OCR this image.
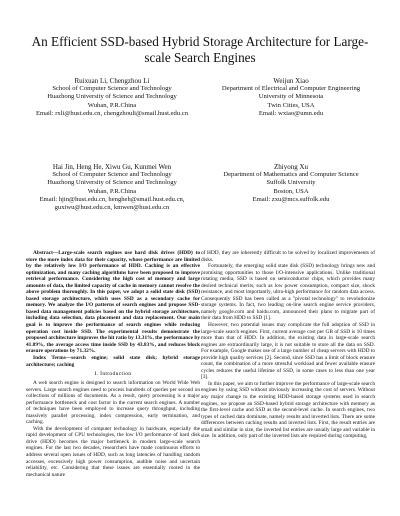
An Efficient SSD-based Hybrid Storage Architecture for Large-scale Search Engines
Ruixuan Li, Chengzhou Li
School of Computer Science and Technology
Huazhong University of Science and Technology
Wuhan, P.R.China
Email: rxli@hust.edu.cn, chengzhouli@smail.hust.edu.cn
Weijun Xiao
Department of Electrical and Computer Engineering
University of Minnesota
Twin Cities, USA
Email: wxiao@umn.edu
Hai Jin, Heng He, Xiwu Gu, Kunmei Wen
School of Computer Science and Technology
Huazhong University of Science and Technology
Wuhan, P.R.China
Email: hjin@hust.edu.cn, hengheh@smail.hust.edu.cn,
guxiwu@hust.edu.cn, kmwen@hust.edu.cn
Zhiyong Xu
Department of Mathematics and Computer Science
Suffolk University
Boston, USA
Email: zxu@mcs.suffolk.edu

Abstract—Large-scale search engines use hard disk drives (HDD) to store the more index data for their capacity, whose performance are limited by the relatively low I/O performance of HDD. Caching is an effective optimization, and many caching algorithms have been proposed to improve retrieval performance. Considering the high cost of memory and large amounts of data, the limited capacity of cache in memory cannot resolve the above problem thoroughly. In this paper, we adopt a solid state disk (SSD) based storage architecture, which uses SSD as a secondary cache for memory. We analyze the I/O patterns of search engines and propose SSD-based data management policies based on the hybrid storage architecture, including data selection, data placement and data replacement. Our main goal is to improve the performance of search engines while reducing operation cost inside SSD. The experimental results demonstrate the proposed architecture improves the hit ratio by 13.31%, the performance by 41.89%, the average access time inside SSD by 43.83%, and reduces block erasure operations by 71.32%.

Index Terms—search engine; solid state disk; hybrid storage architecture; caching

I. Introduction

A web search engine is designed to search information on World Wide Web servers. Large search engines need to process hundreds of queries per second on collections of millions of documents. As a result, query processing is a major performance bottleneck and cost factor in the current search engines. A number of techniques have been employed to increase query throughput, including massively parallel processing, index compression, early termination, and caching.

With the development of computer technology in hardware, especially the rapid development of CPU technologies, the low I/O performance of hard disk drive (HDD) becomes the major bottleneck in modern large-scale search engines. For the last two decades, researchers have made continuous efforts to address several open issues of HDD, such as long latencies of handling random accesses, excessively high power consumption, audible noise and uncertain reliability, etc. Considering that these issues are essentially rooted in the mechanical nature

of HDD, they are inherently difficult to be solved by localized improvements of disks.

Fortunately, the emerging solid state disk (SSD) technology brings new and promising opportunities to those I/O-intensive applications. Unlike traditional rotating media, SSD is based on semiconductor chips, which provides many desired technical merits, such as low power consumption, compact size, shock resistance, and most importantly, ultra-high performance for random data access. Consequently SSD has been called as a "pivotal technology" to revolutionize storage systems. In fact, two leading on-line search engine service providers, namely google.com and baidu.com, announced their plans to migrate part of their data from HDD to SSD [1].

However, two potential issues may complicate the full adoption of SSD in large-scale search engines. First, current average cost per GB of SSD is 10 times more than that of HDD. In addition, the existing data in large-scale search engines are extraordinarily large, it is not suitable to store all the data on SSD. For example, Google makes use of a large number of cheap servers with HDD to provide high quality services [2]. Second, since SSD has a limit of block erasure count, the combination of a more stressful workload and fewer available erasure cycles reduces the useful lifetime of SSD, in some cases to less than one year [3].

In this paper, we aim to further improve the performance of large-scale search engines by using SSD without obviously increasing the cost of servers. Without any major change to the existing HDD-based storage systems used in search engines, we propose an SSD-based hybrid storage architecture with memory as the first-level cache and SSD as the second-level cache. In search engines, two types of cached data dominate, namely results and inverted lists. There are some differences between caching results and inverted lists. First, the result entries are small and similar in size, the inverted list entries are usually large and variable in size. In addition, only part of the inverted lists are required during computing,
